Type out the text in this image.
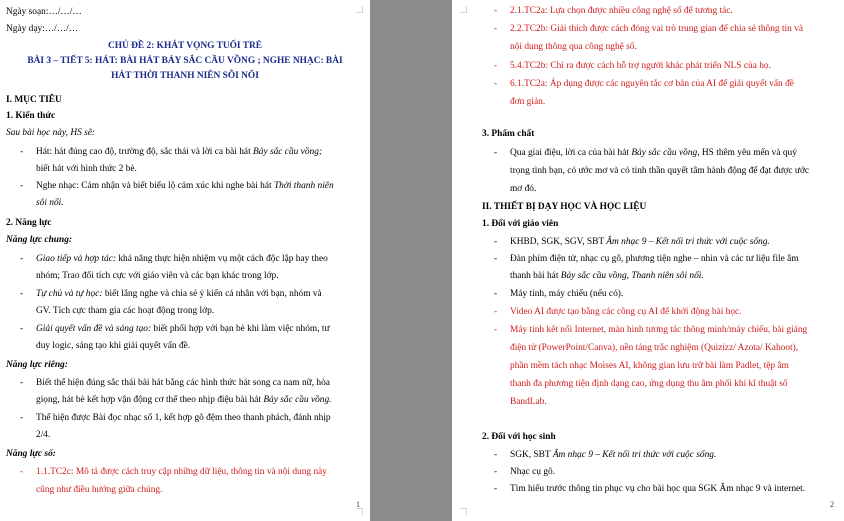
Ngày soạn:…/…/…
Ngày dạy:…/…/…
CHỦ ĐỀ 2: KHÁT VỌNG TUỔI TRẺ
BÀI 3 – TIẾT 5: HÁT: BÀI HÁT BẢY SẮC CẦU VỒNG ; NGHE NHẠC: BÀI
HÁT THỜI THANH NIÊN SÔI NỔI
I. MỤC TIÊU
1. Kiến thức
Sau bài học này, HS sẽ:
- Hát: hát đúng cao độ, trường độ, sắc thái và lời ca bài hát Bảy sắc cầu vồng;
biết hát với hình thức 2 bè.
- Nghe nhạc: Cảm nhận và biết biểu lộ cảm xúc khi nghe bài hát Thời thanh niên
sôi nổi.
2. Năng lực
Năng lực chung:
- Giao tiếp và hợp tác: khả năng thực hiện nhiệm vụ một cách độc lập hay theo
nhóm; Trao đổi tích cực với giáo viên và các bạn khác trong lớp.
- Tự chủ và tự học: biết lắng nghe và chia sẻ ý kiến cá nhân với bạn, nhóm và
GV. Tích cực tham gia các hoạt động trong lớp.
- Giải quyết vấn đề và sáng tạo: biết phối hợp với bạn bè khi làm việc nhóm, tư
duy logic, sáng tạo khi giải quyết vấn đề.
Năng lực riêng:
- Biết thể hiện đúng sắc thái bài hát bằng các hình thức hát song ca nam nữ, hòa
giọng, hát bè kết hợp vận động cơ thể theo nhịp điệu bài hát Bảy sắc cầu vồng.
- Thể hiện được Bài đọc nhạc số 1, kết hợp gõ đệm theo thanh phách, đánh nhịp
2/4.
Năng lực số:
- 1.1.TC2c: Mô tả được cách truy cập những dữ liệu, thông tin và nội dung này
cũng như điều hướng giữa chúng.
1
- 2.1.TC2a: Lựa chọn được nhiều công nghệ số để tương tác.
- 2.2.TC2b: Giải thích được cách đóng vai trò trung gian để chia sẻ thông tin và
nội dung thông qua công nghệ số.
- 5.4.TC2b: Chỉ ra được cách hỗ trợ người khác phát triển NLS của họ.
- 6.1.TC2a: Áp dụng được các nguyên tắc cơ bản của AI để giải quyết vấn đề
đơn giản.
3. Phẩm chất
- Qua giai điệu, lời ca của bài hát Bảy sắc cầu vồng, HS thêm yêu mến và quý
trọng tình bạn, có ước mơ và có tinh thần quyết tâm hành động để đạt được ước
mơ đó.
II. THIẾT BỊ DẠY HỌC VÀ HỌC LIỆU
1. Đối với giáo viên
- KHBD, SGK, SGV, SBT Âm nhạc 9 – Kết nối tri thức với cuộc sống.
- Đàn phím điện tử, nhạc cụ gõ, phương tiện nghe – nhìn và các tư liệu file âm
thanh bài hát Bảy sắc cầu vồng, Thanh niên sôi nổi.
- Máy tính, máy chiếu (nếu có).
- Video AI được tạo bằng các công cụ AI để khởi động bài học.
- Máy tính kết nối Internet, màn hình tương tác thông minh/máy chiếu, bài giảng
điện tử (PowerPoint/Canva), nền tảng trắc nghiệm (Quizizz/ Azota/ Kahoot),
phần mềm tách nhạc Moises AI, không gian lưu trữ bài làm Padlet, tệp âm
thanh đa phương tiện định dạng cao, ứng dụng thu âm phối khí kĩ thuật số
BandLab.
2. Đối với học sinh
- SGK, SBT Âm nhạc 9 – Kết nối tri thức với cuộc sống.
- Nhạc cụ gõ.
- Tìm hiểu trước thông tin phục vụ cho bài học qua SGK Âm nhạc 9 và internet.
2
